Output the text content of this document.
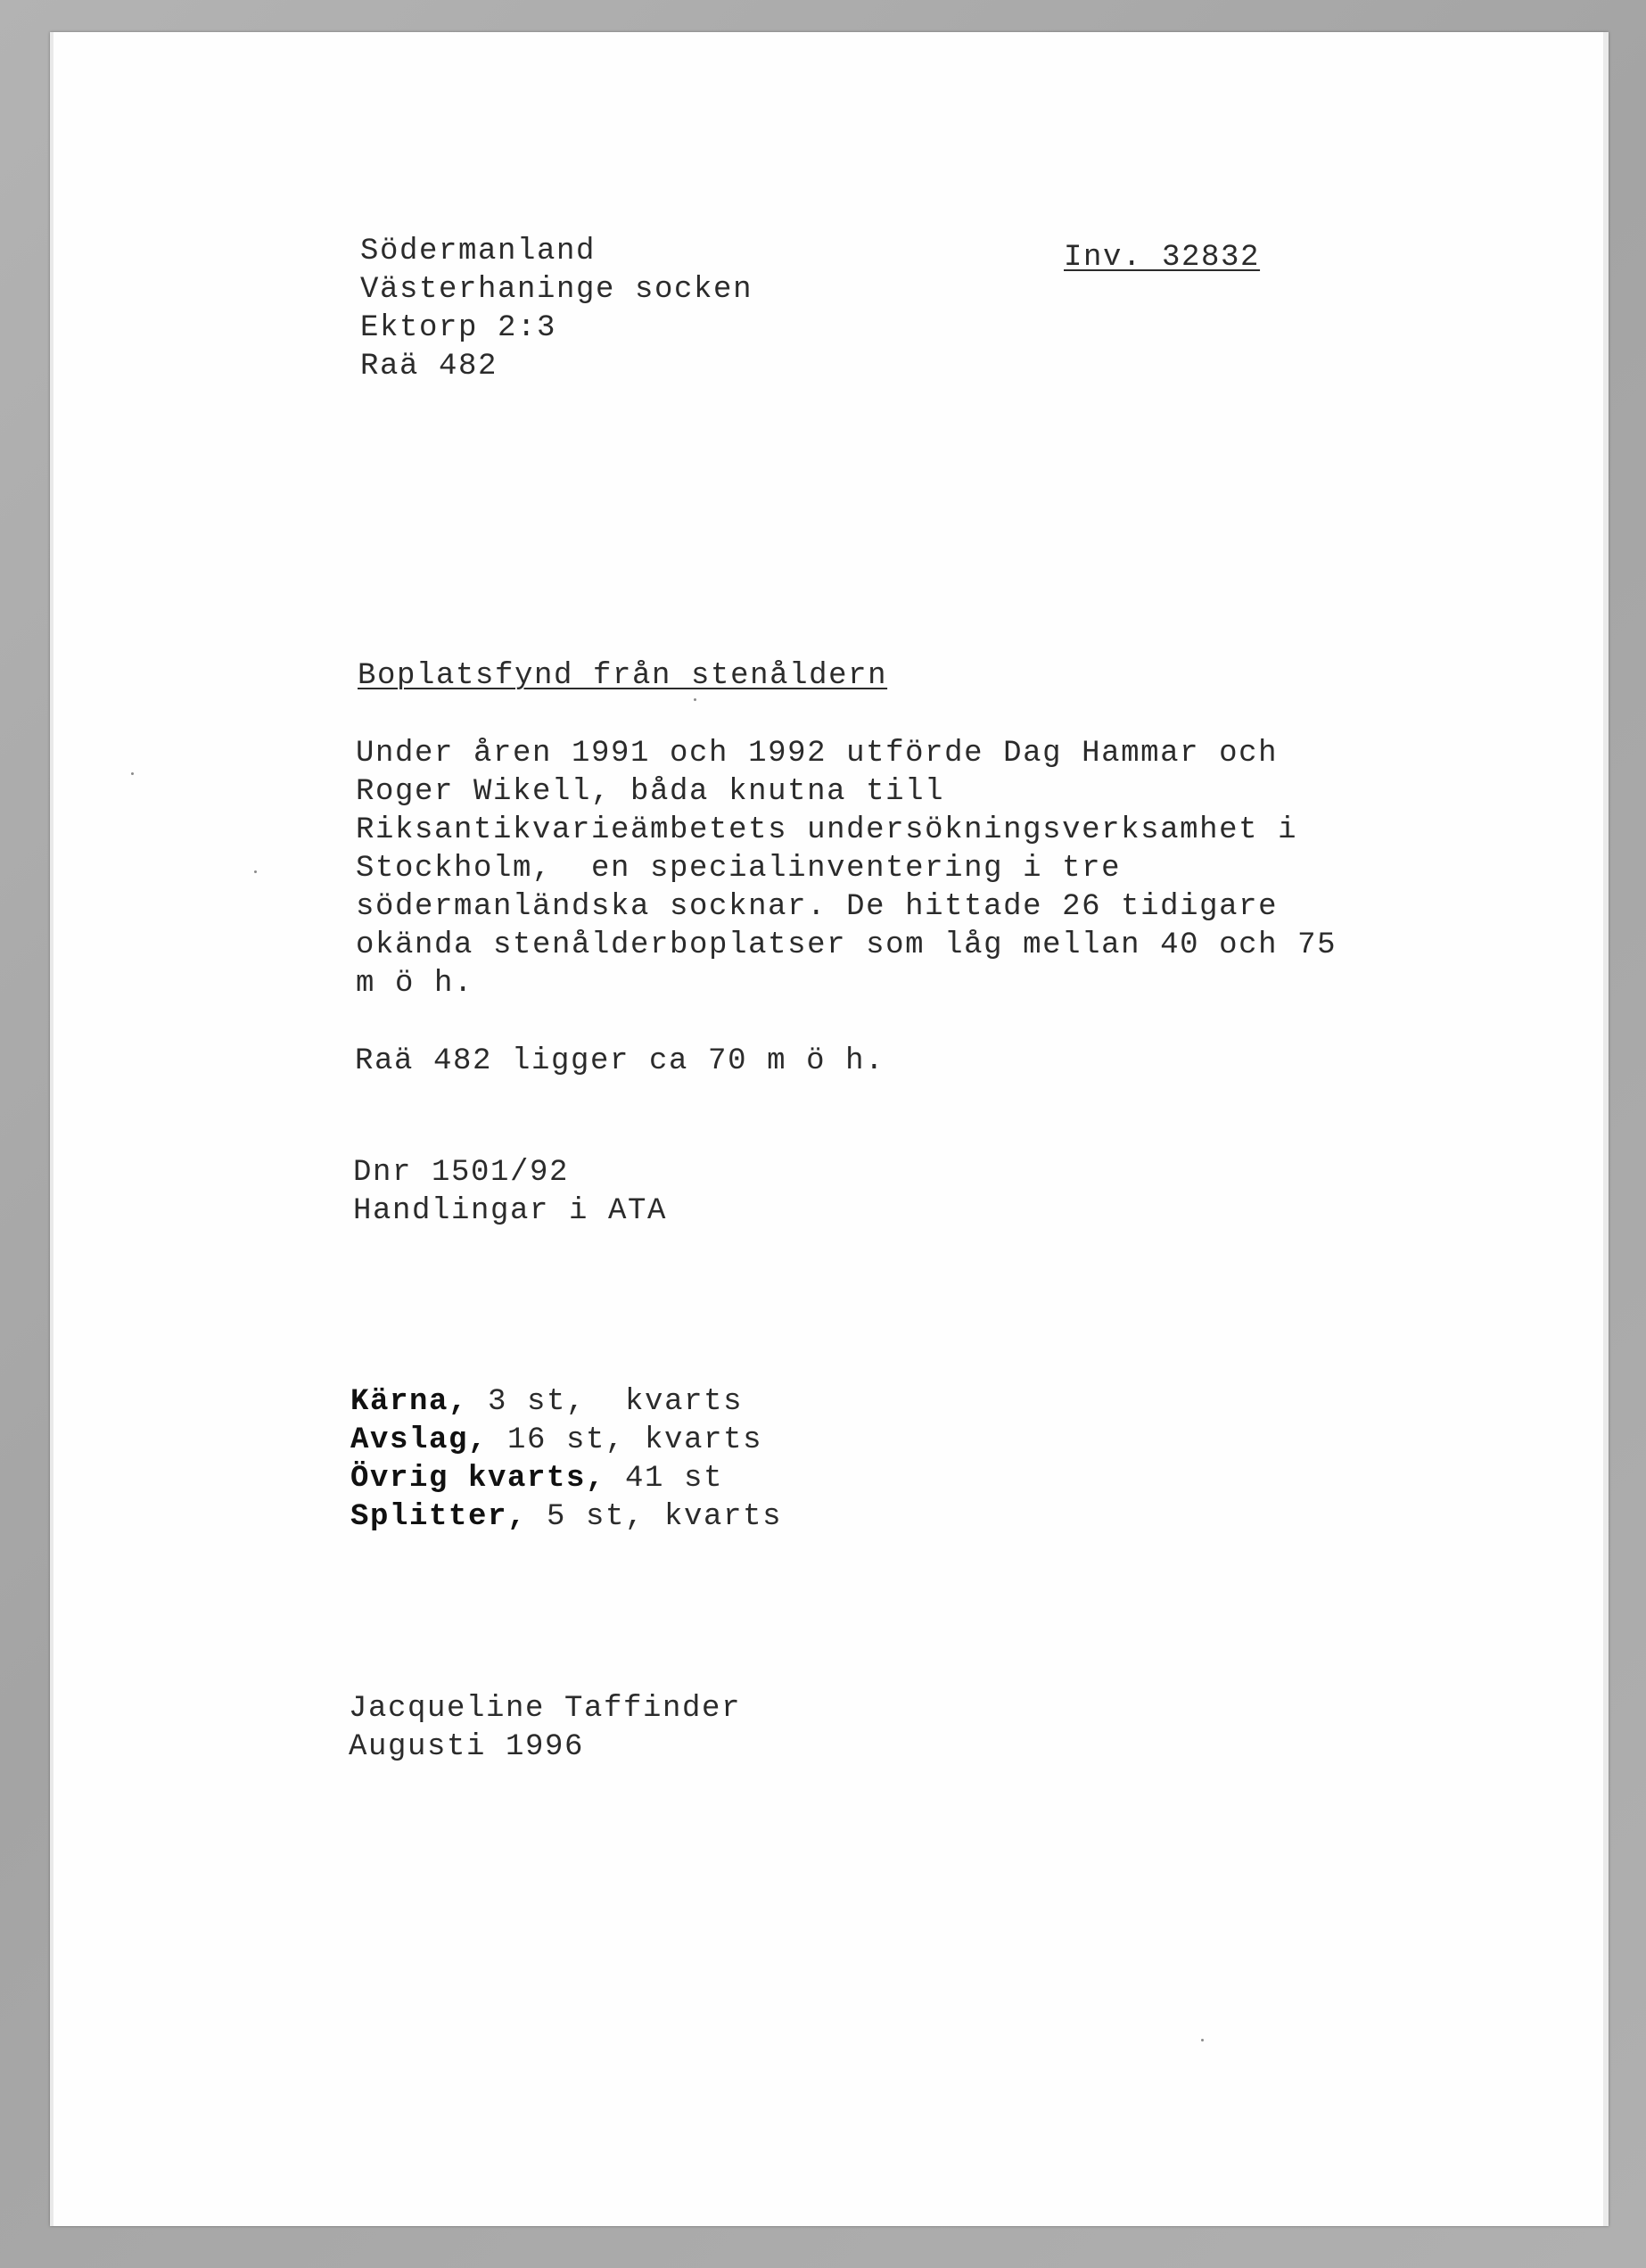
Södermanland

Västerhaninge socken

Ektorp 2:3

Raä 482

Inv. 32832

Boplatsfynd från stenåldern

Under åren 1991 och 1992 utförde Dag Hammar och

Roger Wikell, båda knutna till

Riksantikvarieämbetets undersökningsverksamhet i

Stockholm,  en specialinventering i tre

södermanländska socknar. De hittade 26 tidigare

okända stenålderboplatser som låg mellan 40 och 75

m ö h.

Raä 482 ligger ca 70 m ö h.

Dnr 1501/92

Handlingar i ATA

Kärna, 3 st,  kvarts

Avslag, 16 st, kvarts

Övrig kvarts, 41 st

Splitter, 5 st, kvarts

Jacqueline Taffinder

Augusti 1996
